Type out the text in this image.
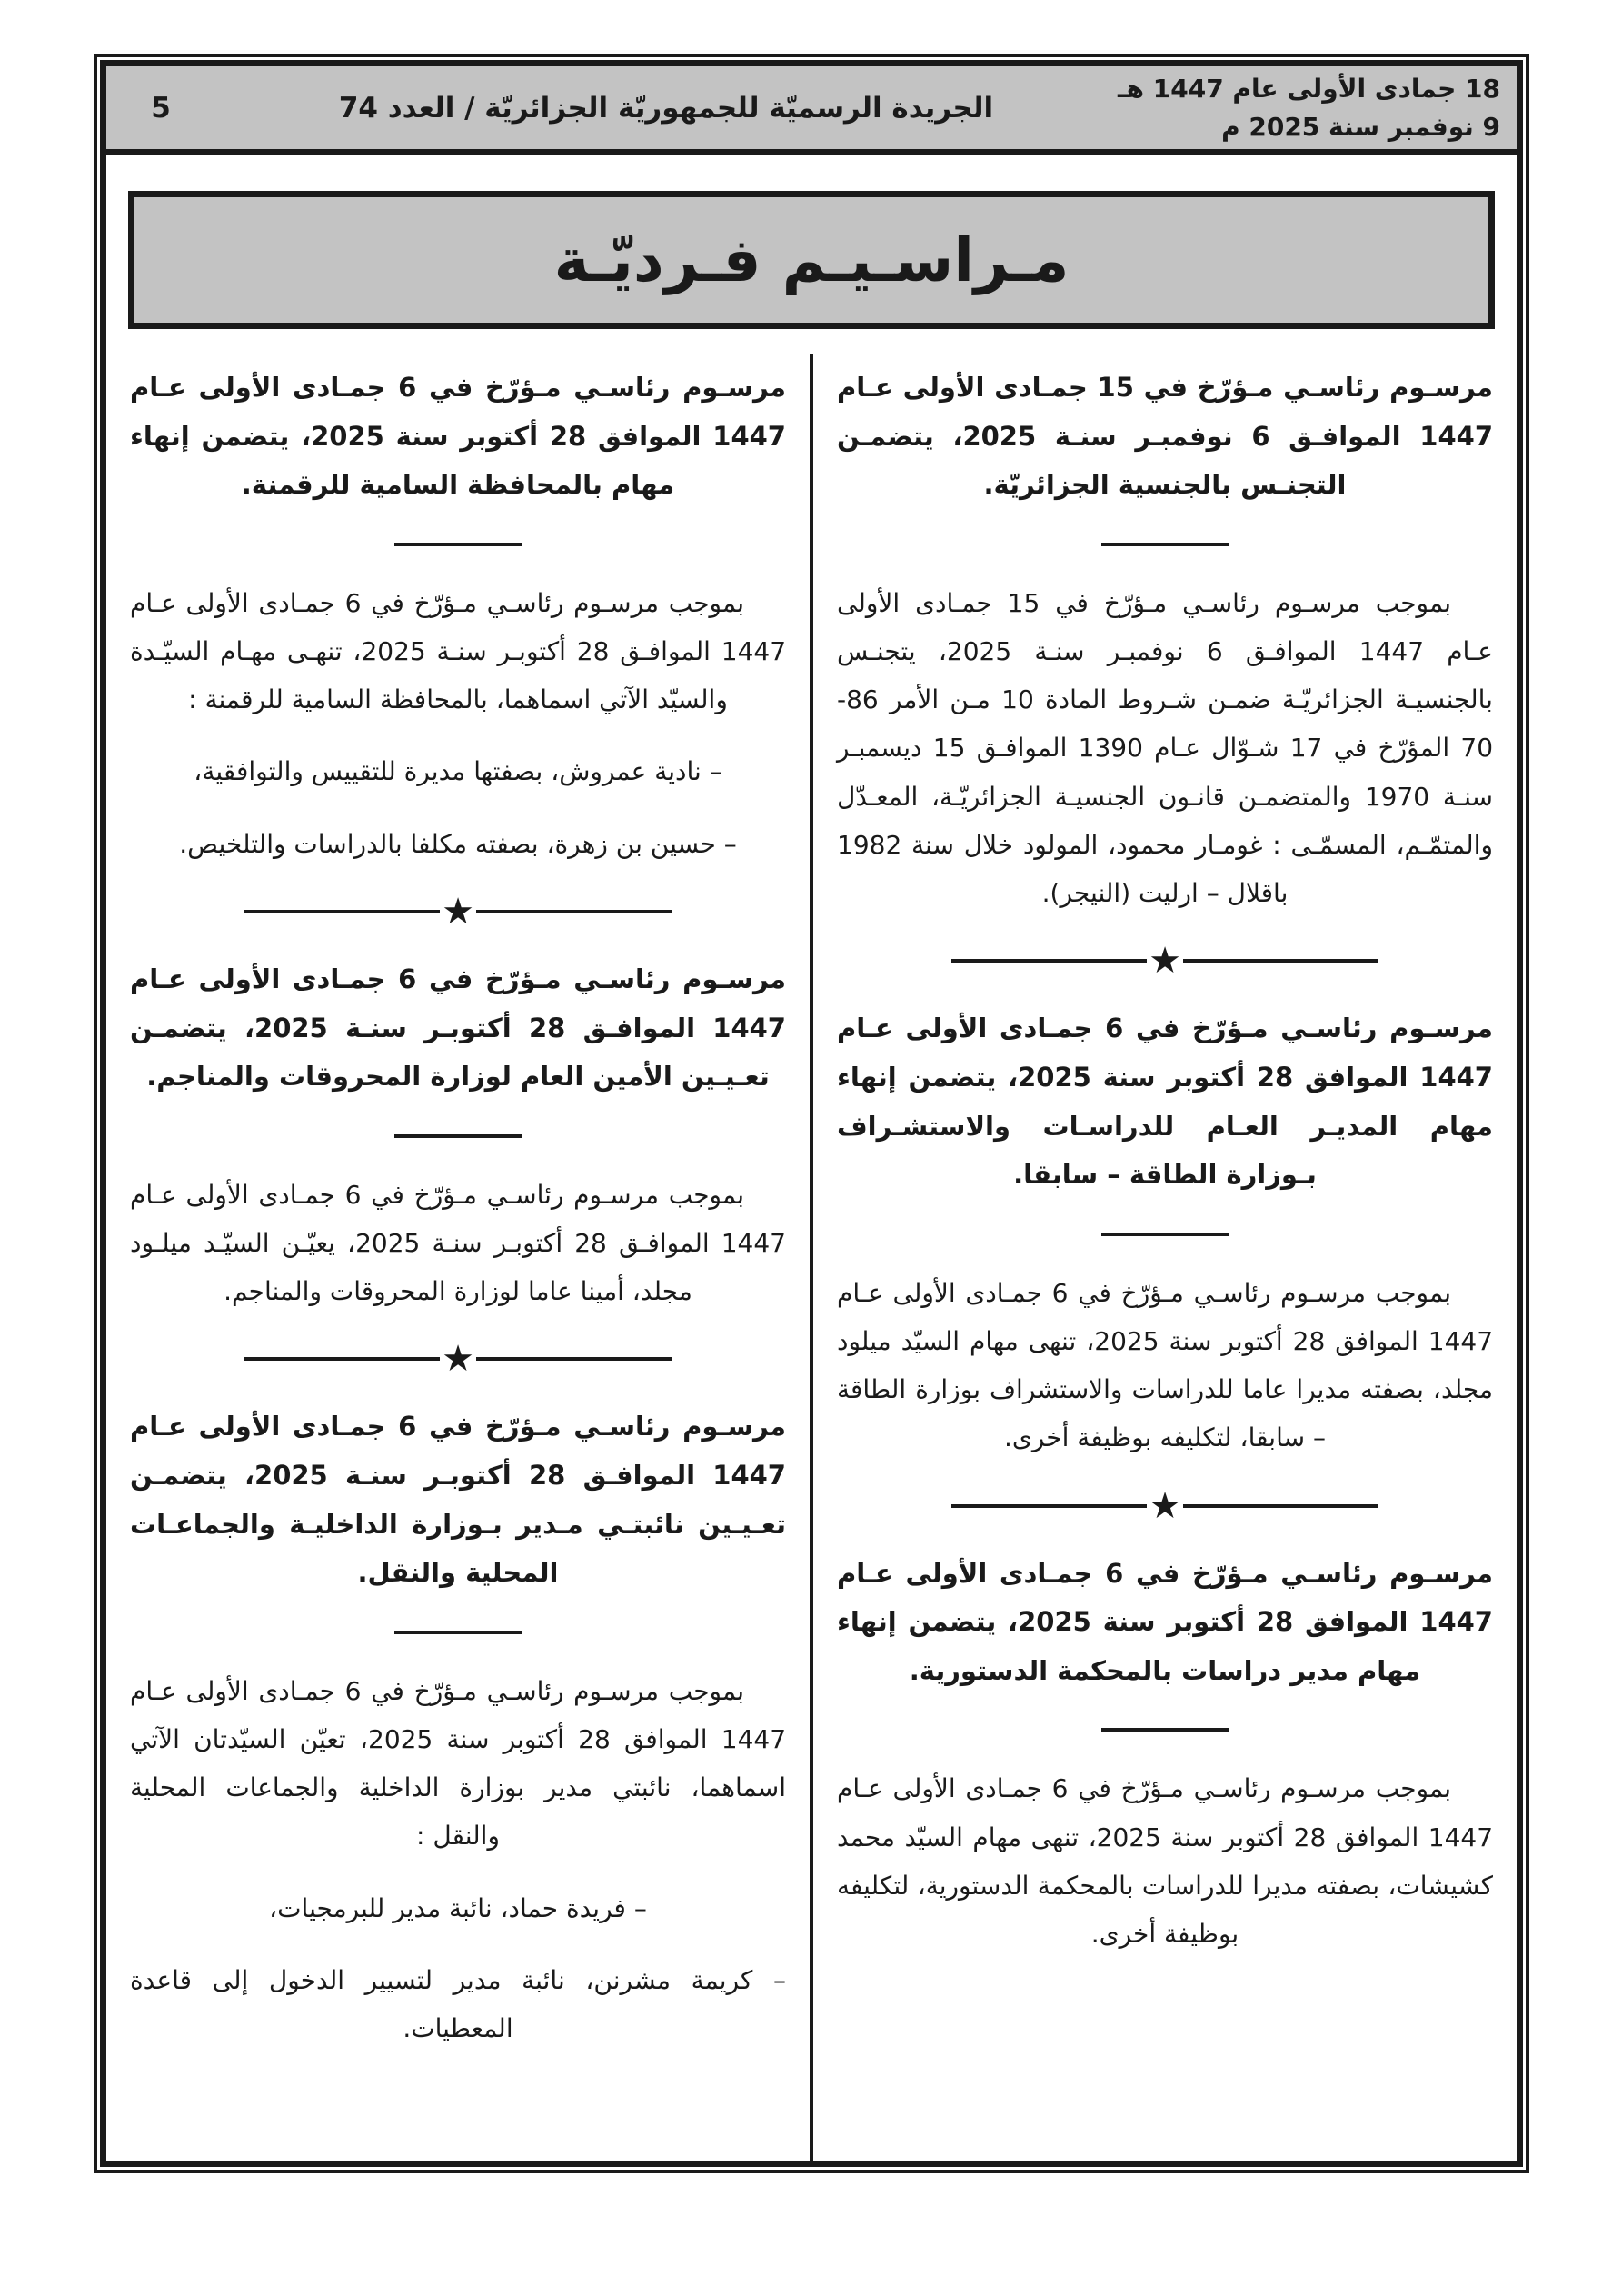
18 جمادى الأولى عام 1447 هـ
9 نوفمبر سنة 2025 م
الجريدة الرسميّة للجمهوريّة الجزائريّة / العدد 74
5
مـراسـيـم فـرديّـة

مرسـوم رئاسـي مـؤرّخ في 15 جمـادى الأولى عـام 1447 الموافـق 6 نوفمبـر سنـة 2025، يتضمـن التجنـس بالجنسية الجزائريّة.

بموجب مرسـوم رئاسـي مـؤرّخ في 15 جمـادى الأولى عـام 1447 الموافـق 6 نوفمبـر سنـة 2025، يتجنـس بالجنسيـة الجزائريّـة ضمـن شـروط المادة 10 مـن الأمر 86-70 المؤرّخ في 17 شـوّال عـام 1390 الموافـق 15 ديسمبـر سنـة 1970 والمتضمـن قانـون الجنسيـة الجزائريّـة، المعـدّل والمتمّـم، المسمّـى : غومـار محمود، المولود خلال سنة 1982 باقلال – ارليت (النيجر).

★

مرسـوم رئاسـي مـؤرّخ في 6 جمـادى الأولى عـام 1447 الموافق 28 أكتوبر سنة 2025، يتضمن إنهاء مهام المديـر العـام للدراسـات والاستشـراف بـوزارة الطاقة – سابقا.

بموجب مرسـوم رئاسـي مـؤرّخ في 6 جمـادى الأولى عـام 1447 الموافق 28 أكتوبر سنة 2025، تنهى مهام السيّد ميلود مجلد، بصفته مديرا عاما للدراسات والاستشراف بوزارة الطاقة – سابقا، لتكليفه بوظيفة أخرى.

★

مرسـوم رئاسـي مـؤرّخ في 6 جمـادى الأولى عـام 1447 الموافق 28 أكتوبر سنة 2025، يتضمن إنهاء مهام مدير دراسات بالمحكمة الدستورية.

بموجب مرسـوم رئاسـي مـؤرّخ في 6 جمـادى الأولى عـام 1447 الموافق 28 أكتوبر سنة 2025، تنهى مهام السيّد محمد كشيشات، بصفته مديرا للدراسات بالمحكمة الدستورية، لتكليفه بوظيفة أخرى.

مرسـوم رئاسـي مـؤرّخ في 6 جمـادى الأولى عـام 1447 الموافق 28 أكتوبر سنة 2025، يتضمن إنهاء مهام بالمحافظة السامية للرقمنة.

بموجب مرسـوم رئاسـي مـؤرّخ في 6 جمـادى الأولى عـام 1447 الموافـق 28 أكتوبـر سنـة 2025، تنهـى مهـام السيّـدة والسيّد الآتي اسماهما، بالمحافظة السامية للرقمنة :

– نادية عمروش، بصفتها مديرة للتقييس والتوافقية،

– حسين بن زهرة، بصفته مكلفا بالدراسات والتلخيص.

★

مرسـوم رئاسـي مـؤرّخ في 6 جمـادى الأولى عـام 1447 الموافـق 28 أكتوبـر سنـة 2025، يتضمـن تعـيـين الأمين العام لوزارة المحروقات والمناجم.

بموجب مرسـوم رئاسـي مـؤرّخ في 6 جمـادى الأولى عـام 1447 الموافـق 28 أكتوبـر سنـة 2025، يعيّـن السيّـد ميلـود مجلد، أمينا عاما لوزارة المحروقات والمناجم.

★

مرسـوم رئاسـي مـؤرّخ في 6 جمـادى الأولى عـام 1447 الموافـق 28 أكتوبـر سنـة 2025، يتضمـن تعـيـين نائبتـي مـدير بـوزارة الداخليـة والجماعـات المحلية والنقل.

بموجب مرسـوم رئاسـي مـؤرّخ في 6 جمـادى الأولى عـام 1447 الموافق 28 أكتوبر سنة 2025، تعيّن السيّدتان الآتي اسماهما، نائبتي مدير بوزارة الداخلية والجماعات المحلية والنقل :

– فريدة حماد، نائبة مدير للبرمجيات،

– كريمة مشرنن، نائبة مدير لتسيير الدخول إلى قاعدة المعطيات.
